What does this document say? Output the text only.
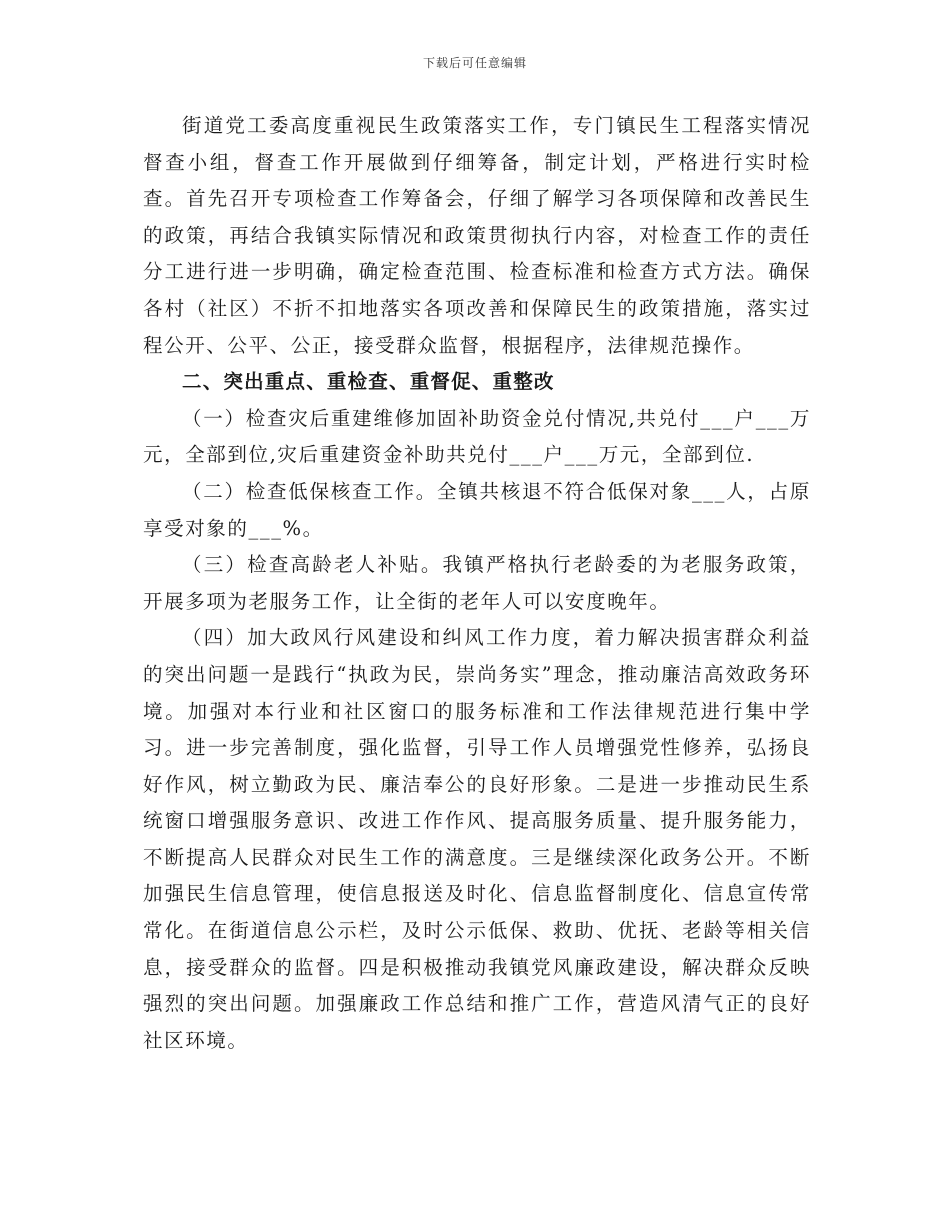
下载后可任意编辑

街道党工委高度重视民生政策落实工作，专门镇民生工程落实情况督查小组，督查工作开展做到仔细筹备，制定计划，严格进行实时检查。首先召开专项检查工作筹备会，仔细了解学习各项保障和改善民生的政策，再结合我镇实际情况和政策贯彻执行内容，对检查工作的责任分工进行进一步明确，确定检查范围、检查标准和检查方式方法。确保各村（社区）不折不扣地落实各项改善和保障民生的政策措施，落实过程公开、公平、公正，接受群众监督，根据程序，法律规范操作。

二、突出重点、重检查、重督促、重整改

（一）检查灾后重建维修加固补助资金兑付情况,共兑付___户___万元，全部到位,灾后重建资金补助共兑付___户___万元，全部到位.

（二）检查低保核查工作。全镇共核退不符合低保对象___人，占原享受对象的___%。

（三）检查高龄老人补贴。我镇严格执行老龄委的为老服务政策，开展多项为老服务工作，让全街的老年人可以安度晚年。

（四）加大政风行风建设和纠风工作力度，着力解决损害群众利益的突出问题一是践行“执政为民，崇尚务实”理念，推动廉洁高效政务环境。加强对本行业和社区窗口的服务标准和工作法律规范进行集中学习。进一步完善制度，强化监督，引导工作人员增强党性修养，弘扬良好作风，树立勤政为民、廉洁奉公的良好形象。二是进一步推动民生系统窗口增强服务意识、改进工作作风、提高服务质量、提升服务能力，不断提高人民群众对民生工作的满意度。三是继续深化政务公开。不断加强民生信息管理，使信息报送及时化、信息监督制度化、信息宣传常常化。在街道信息公示栏，及时公示低保、救助、优抚、老龄等相关信息，接受群众的监督。四是积极推动我镇党风廉政建设，解决群众反映强烈的突出问题。加强廉政工作总结和推广工作，营造风清气正的良好社区环境。
